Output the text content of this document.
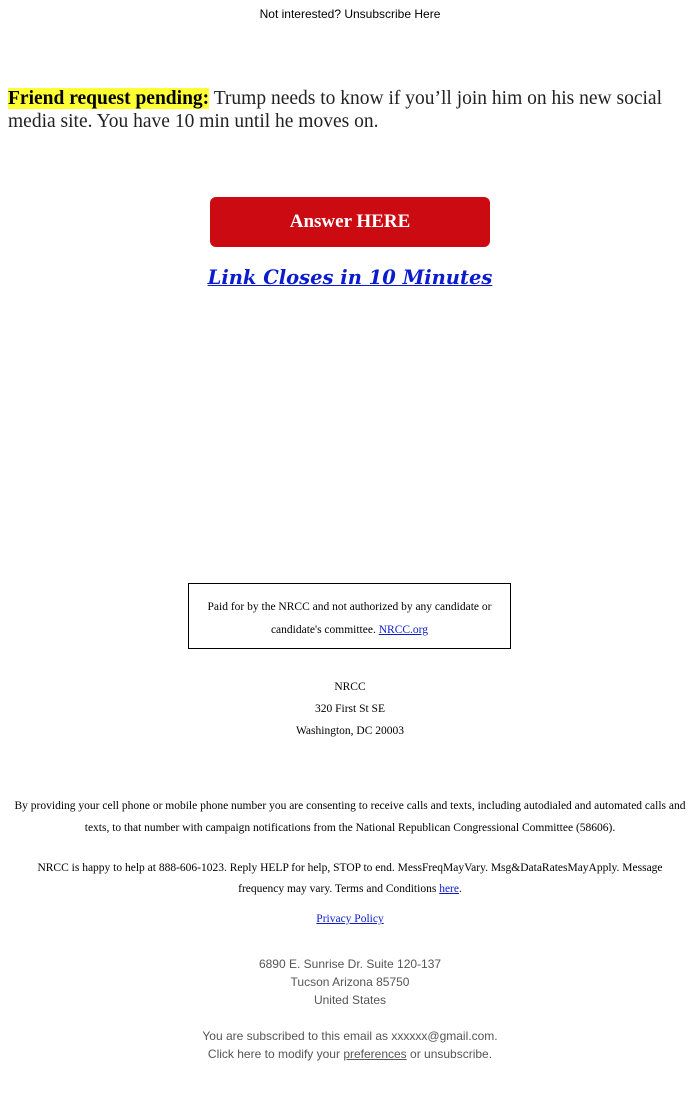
Not interested? Unsubscribe Here
Friend request pending: Trump needs to know if you’ll join him on his new social media site. You have 10 min until he moves on.
Answer HERE
Link Closes in 10 Minutes
Paid for by the NRCC and not authorized by any candidate or candidate's committee. NRCC.org
NRCC
320 First St SE
Washington, DC 20003
By providing your cell phone or mobile phone number you are consenting to receive calls and texts, including autodialed and automated calls and texts, to that number with campaign notifications from the National Republican Congressional Committee (58606).
NRCC is happy to help at 888-606-1023. Reply HELP for help, STOP to end. MessFreqMayVary. Msg&DataRatesMayApply. Message frequency may vary. Terms and Conditions here.
Privacy Policy
6890 E. Sunrise Dr. Suite 120-137
Tucson Arizona 85750
United States
You are subscribed to this email as xxxxxx@gmail.com.
Click here to modify your preferences or unsubscribe.
